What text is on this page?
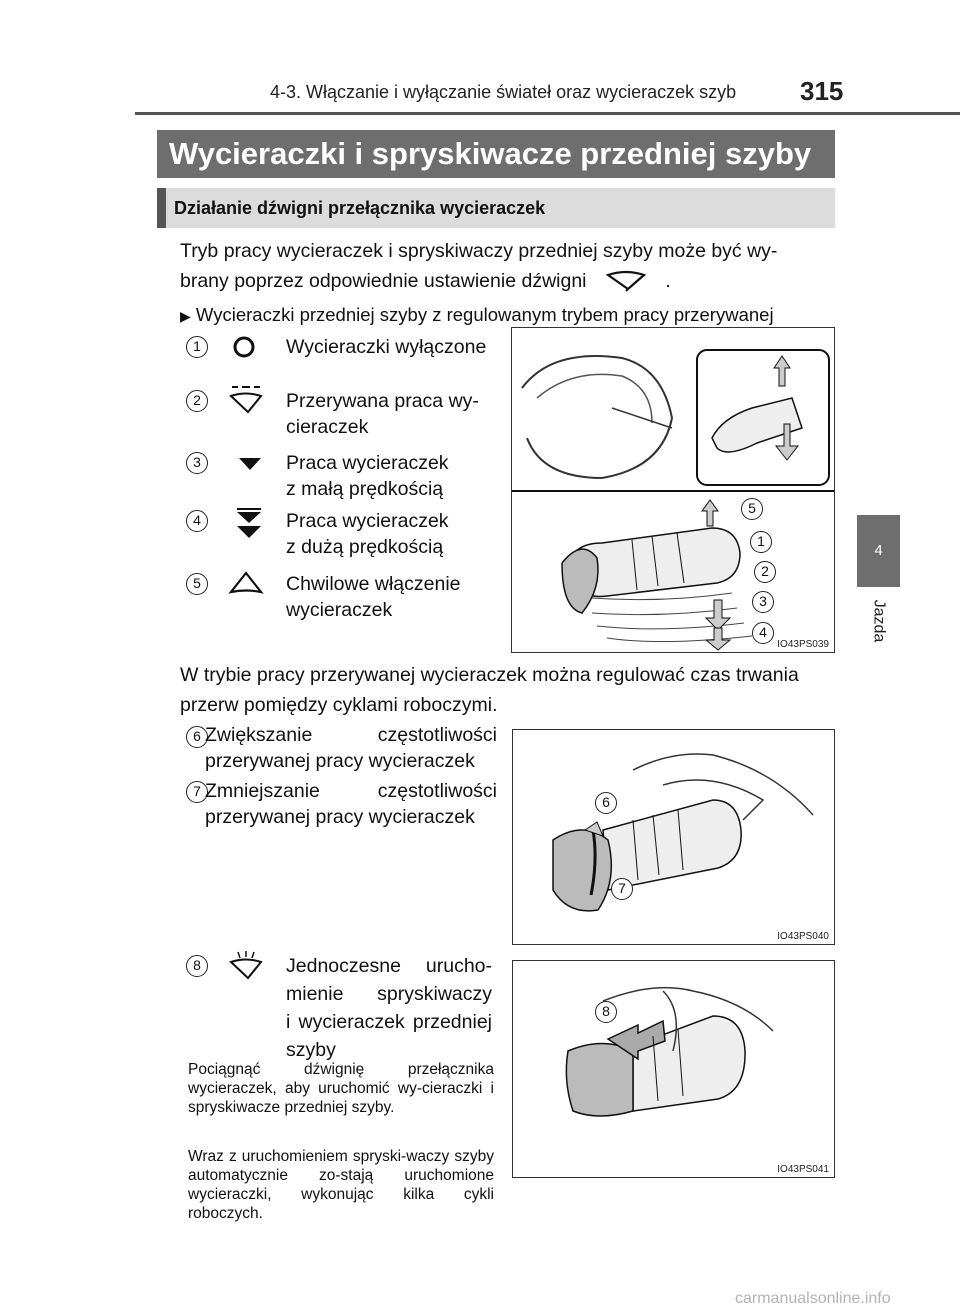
4-3. Włączanie i wyłączanie świateł oraz wycieraczek szyb 315
Wycieraczki i spryskiwacze przedniej szyby
Działanie dźwigni przełącznika wycieraczek
Tryb pracy wycieraczek i spryskiwaczy przedniej szyby może być wy-
brany poprzez odpowiednie ustawienie dźwigni	.
▶ Wycieraczki przedniej szyby z regulowanym trybem pracy przerywanej
1	Wycieraczki wyłączone
2	Przerywana praca wy-
cieraczek
3	Praca wycieraczek
z małą prędkością
4	Praca wycieraczek
z dużą prędkością
5	Chwilowe włączenie
wycieraczek
5
1
2
3
4
IO43PS039
W trybie pracy przerywanej wycieraczek można regulować czas trwania
przerw pomiędzy cyklami roboczymi.
6 Zwiększanie częstotliwości
przerywanej pracy wycieraczek
7 Zmniejszanie częstotliwości
przerywanej pracy wycieraczek
6
7
IO43PS040
8	Jednoczesne urucho-
mienie spryskiwaczy
i wycieraczek przedniej
szyby
Pociągnąć dźwignię przełącznika wycieraczek, aby uruchomić wy-cieraczki i spryskiwacze przedniej szyby.
Wraz z uruchomieniem spryski-waczy szyby automatycznie zo-stają uruchomione wycieraczki, wykonując kilka cykli roboczych.
8
IO43PS041
4
Jazda
carmanualsonline.info
